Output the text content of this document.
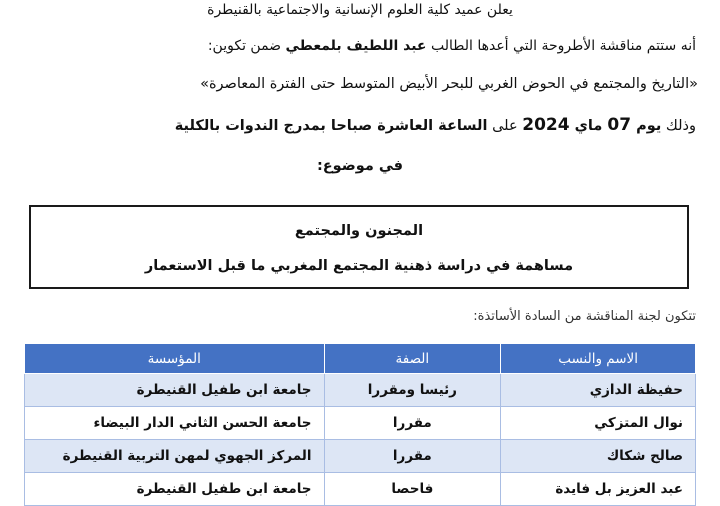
يعلن عميد كلية العلوم الإنسانية والاجتماعية بالقنيطرة
أنه ستتم مناقشة الأطروحة التي أعدها الطالب عبد اللطيف بلمعطي ضمن تكوين:
«التاريخ والمجتمع في الحوض الغربي للبحر الأبيض المتوسط حتى الفترة المعاصرة»
وذلك يوم 07 ماي 2024 على الساعة العاشرة صباحا بمدرج الندوات بالكلية
في موضوع:
المجنون والمجتمع
مساهمة في دراسة ذهنية المجتمع المغربي ما قبل الاستعمار
تتكون لجنة المناقشة من السادة الأساتذة:
الاسم والنسب	الصفة	المؤسسة
حفيظة الدازي	رئيسا ومقررا	جامعة ابن طفيل القنيطرة
نوال المتزكي	مقررا	جامعة الحسن الثاني الدار البيضاء
صالح شكاك	مقررا	المركز الجهوي لمهن التربية القنيطرة
عبد العزيز بل فايدة	فاحصا	جامعة ابن طفيل القنيطرة
